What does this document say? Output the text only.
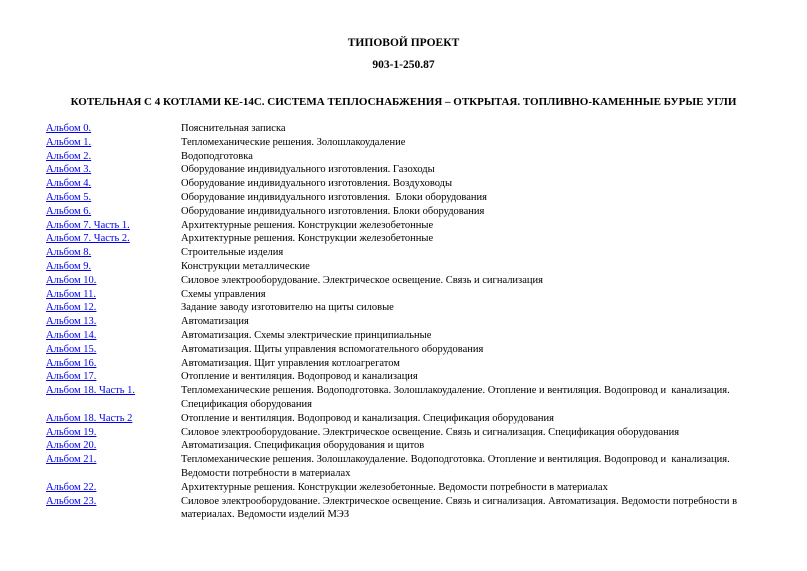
ТИПОВОЙ ПРОЕКТ
903-1-250.87
КОТЕЛЬНАЯ С 4 КОТЛАМИ КЕ-14С. СИСТЕМА ТЕПЛОСНАБЖЕНИЯ – ОТКРЫТАЯ. ТОПЛИВНО-КАМЕННЫЕ БУРЫЕ УГЛИ
Альбом 0.	Пояснительная записка
Альбом 1.	Тепломеханические решения. Золошлакоудаление
Альбом 2.	Водоподготовка
Альбом 3.	Оборудование индивидуального изготовления. Газоходы
Альбом 4.	Оборудование индивидуального изготовления. Воздуховоды
Альбом 5.	Оборудование индивидуального изготовления.  Блоки оборудования
Альбом 6.	Оборудование индивидуального изготовления. Блоки оборудования
Альбом 7. Часть 1.	Архитектурные решения. Конструкции железобетонные
Альбом 7. Часть 2.	Архитектурные решения. Конструкции железобетонные
Альбом 8.	Строительные изделия
Альбом 9.	Конструкции металлические
Альбом 10.	Силовое электрооборудование. Электрическое освещение. Связь и сигнализация
Альбом 11.	Схемы управления
Альбом 12.	Задание заводу изготовителю на щиты силовые
Альбом 13.	Автоматизация
Альбом 14.	Автоматизация. Схемы электрические принципиальные
Альбом 15.	Автоматизация. Щиты управления вспомогательного оборудования
Альбом 16.	Автоматизация. Щит управления котлоагрегатом
Альбом 17.	Отопление и вентиляция. Водопровод и канализация
Альбом 18. Часть 1.	Тепломеханические решения. Водоподготовка. Золошлакоудаление. Отопление и вентиляция. Водопровод и  канализация. Спецификация оборудования
Альбом 18. Часть 2	Отопление и вентиляция. Водопровод и канализация. Спецификация оборудования
Альбом 19.	Силовое электрооборудование. Электрическое освещение. Связь и сигнализация. Спецификация оборудования
Альбом 20.	Автоматизация. Спецификация оборудования и щитов
Альбом 21.	Тепломеханические решения. Золошлакоудаление. Водоподготовка. Отопление и вентиляция. Водопровод и  канализация. Ведомости потребности в материалах
Альбом 22.	Архитектурные решения. Конструкции железобетонные. Ведомости потребности в материалах
Альбом 23.	Силовое электрооборудование. Электрическое освещение. Связь и сигнализация. Автоматизация. Ведомости потребности в материалах. Ведомости изделий МЭЗ
